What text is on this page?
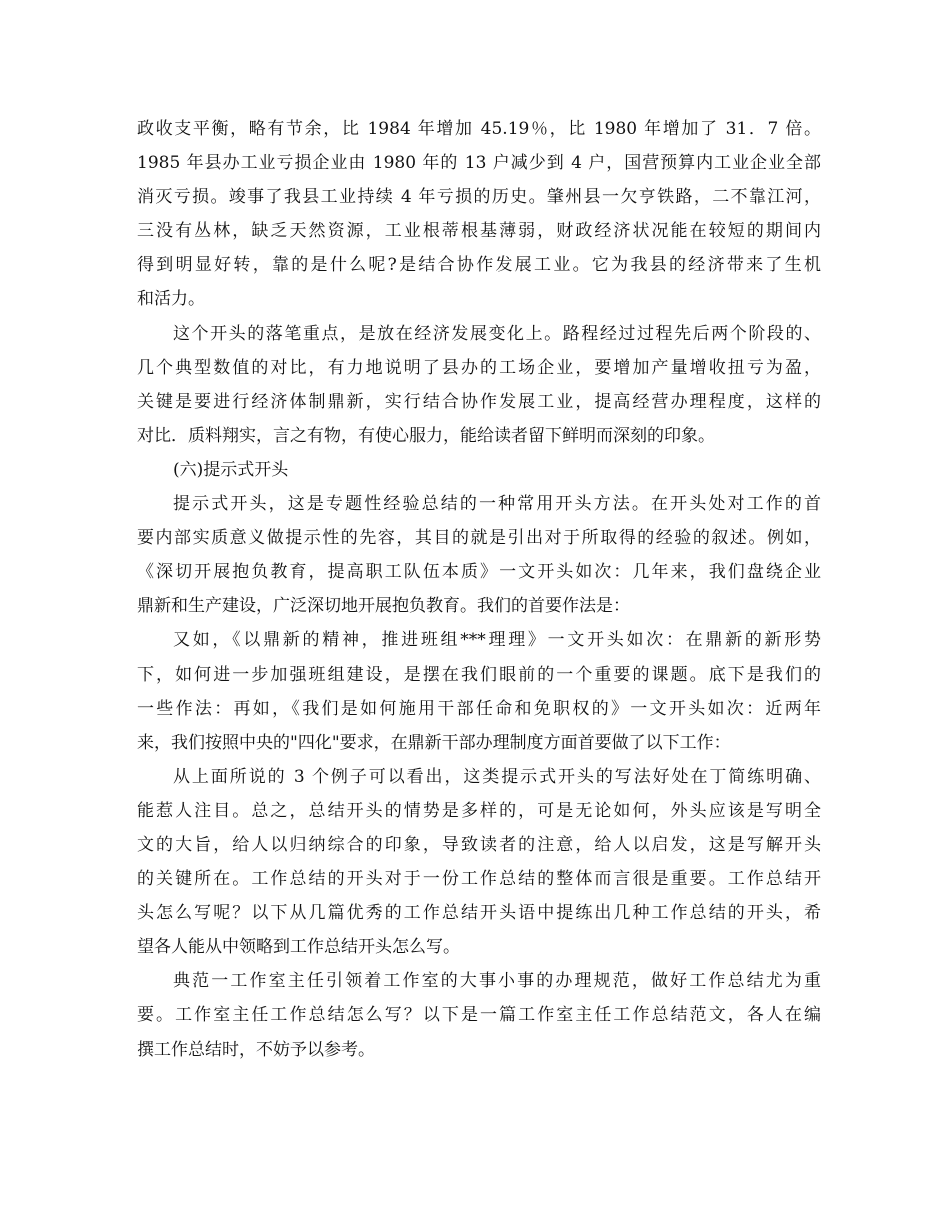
政收支平衡，略有节余，比 1984 年增加 45.19％，比 1980 年增加了 31．7 倍。
1985 年县办工业亏损企业由 1980 年的 13 户减少到 4 户，国营预算内工业企业全部
消灭亏损。竣事了我县工业持续 4 年亏损的历史。肇州县一欠亨铁路，二不靠江河，
三没有丛林，缺乏天然资源，工业根蒂根基薄弱，财政经济状况能在较短的期间内
得到明显好转，靠的是什么呢?是结合协作发展工业。它为我县的经济带来了生机
和活力。
这个开头的落笔重点，是放在经济发展变化上。路程经过过程先后两个阶段的、
几个典型数值的对比，有力地说明了县办的工场企业，要增加产量增收扭亏为盈，
关键是要进行经济体制鼎新，实行结合协作发展工业，提高经营办理程度，这样的
对比．质料翔实，言之有物，有使心服力，能给读者留下鲜明而深刻的印象。
(六)提示式开头
提示式开头，这是专题性经验总结的一种常用开头方法。在开头处对工作的首
要内部实质意义做提示性的先容，其目的就是引出对于所取得的经验的叙述。例如，
《深切开展抱负教育，提高职工队伍本质》一文开头如次：几年来，我们盘绕企业
鼎新和生产建设，广泛深切地开展抱负教育。我们的首要作法是：
又如，《以鼎新的精神，推进班组***理理》一文开头如次：在鼎新的新形势
下，如何进一步加强班组建设，是摆在我们眼前的一个重要的课题。底下是我们的
一些作法：再如，《我们是如何施用干部任命和免职权的》一文开头如次：近两年
来，我们按照中央的"四化"要求，在鼎新干部办理制度方面首要做了以下工作：
从上面所说的 3 个例子可以看出，这类提示式开头的写法好处在丁简练明确、
能惹人注目。总之，总结开头的情势是多样的，可是无论如何，外头应该是写明全
文的大旨，给人以归纳综合的印象，导致读者的注意，给人以启发，这是写解开头
的关键所在。工作总结的开头对于一份工作总结的整体而言很是重要。工作总结开
头怎么写呢？以下从几篇优秀的工作总结开头语中提练出几种工作总结的开头，希
望各人能从中领略到工作总结开头怎么写。
典范一工作室主任引领着工作室的大事小事的办理规范，做好工作总结尤为重
要。工作室主任工作总结怎么写？以下是一篇工作室主任工作总结范文，各人在编
撰工作总结时，不妨予以参考。
